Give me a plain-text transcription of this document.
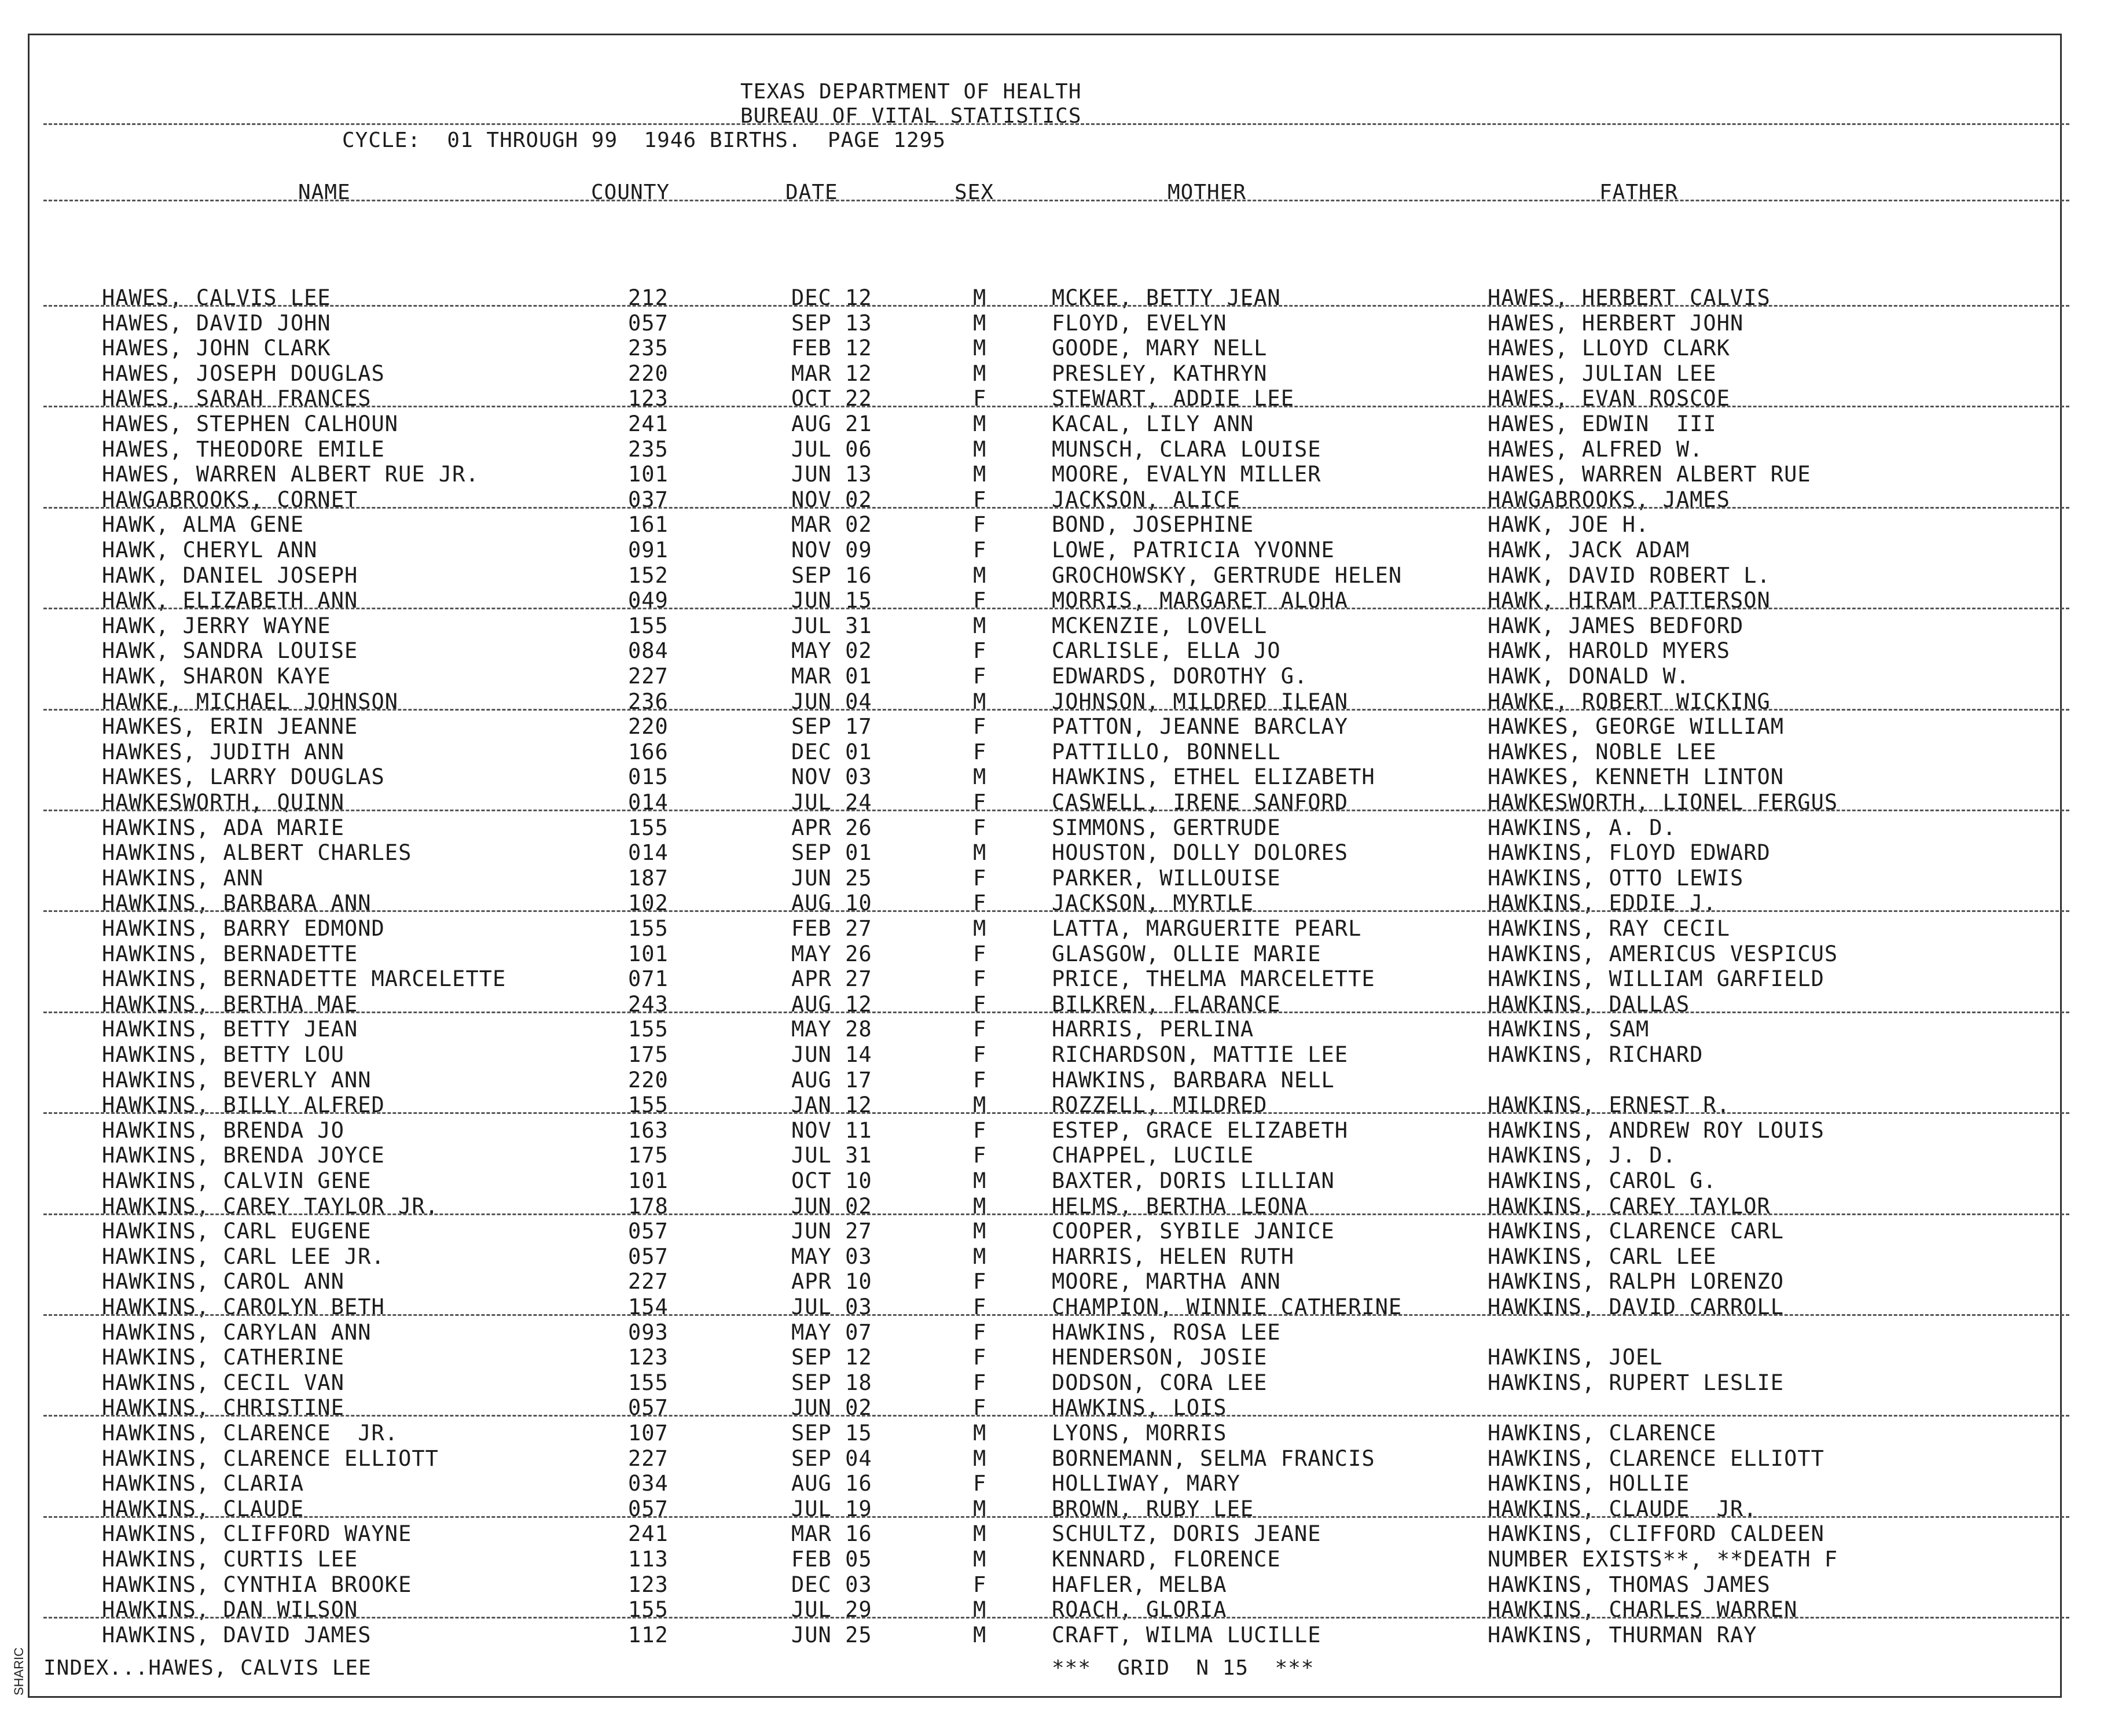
TEXAS DEPARTMENT OF HEALTH
BUREAU OF VITAL STATISTICS
CYCLE:  01 THROUGH 99  1946 BIRTHS.  PAGE 1295
NAME	COUNTY	DATE	SEX	MOTHER	FATHER
HAWES, CALVIS LEE	212	DEC 12	M	MCKEE, BETTY JEAN	HAWES, HERBERT CALVIS
HAWES, DAVID JOHN	057	SEP 13	M	FLOYD, EVELYN	HAWES, HERBERT JOHN
HAWES, JOHN CLARK	235	FEB 12	M	GOODE, MARY NELL	HAWES, LLOYD CLARK
HAWES, JOSEPH DOUGLAS	220	MAR 12	M	PRESLEY, KATHRYN	HAWES, JULIAN LEE
HAWES, SARAH FRANCES	123	OCT 22	F	STEWART, ADDIE LEE	HAWES, EVAN ROSCOE
HAWES, STEPHEN CALHOUN	241	AUG 21	M	KACAL, LILY ANN	HAWES, EDWIN  III
HAWES, THEODORE EMILE	235	JUL 06	M	MUNSCH, CLARA LOUISE	HAWES, ALFRED W.
HAWES, WARREN ALBERT RUE JR.	101	JUN 13	M	MOORE, EVALYN MILLER	HAWES, WARREN ALBERT RUE
HAWGABROOKS, CORNET	037	NOV 02	F	JACKSON, ALICE	HAWGABROOKS, JAMES
HAWK, ALMA GENE	161	MAR 02	F	BOND, JOSEPHINE	HAWK, JOE H.
HAWK, CHERYL ANN	091	NOV 09	F	LOWE, PATRICIA YVONNE	HAWK, JACK ADAM
HAWK, DANIEL JOSEPH	152	SEP 16	M	GROCHOWSKY, GERTRUDE HELEN	HAWK, DAVID ROBERT L.
HAWK, ELIZABETH ANN	049	JUN 15	F	MORRIS, MARGARET ALOHA	HAWK, HIRAM PATTERSON
HAWK, JERRY WAYNE	155	JUL 31	M	MCKENZIE, LOVELL	HAWK, JAMES BEDFORD
HAWK, SANDRA LOUISE	084	MAY 02	F	CARLISLE, ELLA JO	HAWK, HAROLD MYERS
HAWK, SHARON KAYE	227	MAR 01	F	EDWARDS, DOROTHY G.	HAWK, DONALD W.
HAWKE, MICHAEL JOHNSON	236	JUN 04	M	JOHNSON, MILDRED ILEAN	HAWKE, ROBERT WICKING
HAWKES, ERIN JEANNE	220	SEP 17	F	PATTON, JEANNE BARCLAY	HAWKES, GEORGE WILLIAM
HAWKES, JUDITH ANN	166	DEC 01	F	PATTILLO, BONNELL	HAWKES, NOBLE LEE
HAWKES, LARRY DOUGLAS	015	NOV 03	M	HAWKINS, ETHEL ELIZABETH	HAWKES, KENNETH LINTON
HAWKESWORTH, QUINN	014	JUL 24	F	CASWELL, IRENE SANFORD	HAWKESWORTH, LIONEL FERGUS
HAWKINS, ADA MARIE	155	APR 26	F	SIMMONS, GERTRUDE	HAWKINS, A. D.
HAWKINS, ALBERT CHARLES	014	SEP 01	M	HOUSTON, DOLLY DOLORES	HAWKINS, FLOYD EDWARD
HAWKINS, ANN	187	JUN 25	F	PARKER, WILLOUISE	HAWKINS, OTTO LEWIS
HAWKINS, BARBARA ANN	102	AUG 10	F	JACKSON, MYRTLE	HAWKINS, EDDIE J.
HAWKINS, BARRY EDMOND	155	FEB 27	M	LATTA, MARGUERITE PEARL	HAWKINS, RAY CECIL
HAWKINS, BERNADETTE	101	MAY 26	F	GLASGOW, OLLIE MARIE	HAWKINS, AMERICUS VESPICUS
HAWKINS, BERNADETTE MARCELETTE	071	APR 27	F	PRICE, THELMA MARCELETTE	HAWKINS, WILLIAM GARFIELD
HAWKINS, BERTHA MAE	243	AUG 12	F	BILKREN, FLARANCE	HAWKINS, DALLAS
HAWKINS, BETTY JEAN	155	MAY 28	F	HARRIS, PERLINA	HAWKINS, SAM
HAWKINS, BETTY LOU	175	JUN 14	F	RICHARDSON, MATTIE LEE	HAWKINS, RICHARD
HAWKINS, BEVERLY ANN	220	AUG 17	F	HAWKINS, BARBARA NELL
HAWKINS, BILLY ALFRED	155	JAN 12	M	ROZZELL, MILDRED	HAWKINS, ERNEST R.
HAWKINS, BRENDA JO	163	NOV 11	F	ESTEP, GRACE ELIZABETH	HAWKINS, ANDREW ROY LOUIS
HAWKINS, BRENDA JOYCE	175	JUL 31	F	CHAPPEL, LUCILE	HAWKINS, J. D.
HAWKINS, CALVIN GENE	101	OCT 10	M	BAXTER, DORIS LILLIAN	HAWKINS, CAROL G.
HAWKINS, CAREY TAYLOR JR.	178	JUN 02	M	HELMS, BERTHA LEONA	HAWKINS, CAREY TAYLOR
HAWKINS, CARL EUGENE	057	JUN 27	M	COOPER, SYBILE JANICE	HAWKINS, CLARENCE CARL
HAWKINS, CARL LEE JR.	057	MAY 03	M	HARRIS, HELEN RUTH	HAWKINS, CARL LEE
HAWKINS, CAROL ANN	227	APR 10	F	MOORE, MARTHA ANN	HAWKINS, RALPH LORENZO
HAWKINS, CAROLYN BETH	154	JUL 03	F	CHAMPION, WINNIE CATHERINE	HAWKINS, DAVID CARROLL
HAWKINS, CARYLAN ANN	093	MAY 07	F	HAWKINS, ROSA LEE
HAWKINS, CATHERINE	123	SEP 12	F	HENDERSON, JOSIE	HAWKINS, JOEL
HAWKINS, CECIL VAN	155	SEP 18	F	DODSON, CORA LEE	HAWKINS, RUPERT LESLIE
HAWKINS, CHRISTINE	057	JUN 02	F	HAWKINS, LOIS
HAWKINS, CLARENCE  JR.	107	SEP 15	M	LYONS, MORRIS	HAWKINS, CLARENCE
HAWKINS, CLARENCE ELLIOTT	227	SEP 04	M	BORNEMANN, SELMA FRANCIS	HAWKINS, CLARENCE ELLIOTT
HAWKINS, CLARIA	034	AUG 16	F	HOLLIWAY, MARY	HAWKINS, HOLLIE
HAWKINS, CLAUDE	057	JUL 19	M	BROWN, RUBY LEE	HAWKINS, CLAUDE  JR.
HAWKINS, CLIFFORD WAYNE	241	MAR 16	M	SCHULTZ, DORIS JEANE	HAWKINS, CLIFFORD CALDEEN
HAWKINS, CURTIS LEE	113	FEB 05	M	KENNARD, FLORENCE	NUMBER EXISTS**, **DEATH F
HAWKINS, CYNTHIA BROOKE	123	DEC 03	F	HAFLER, MELBA	HAWKINS, THOMAS JAMES
HAWKINS, DAN WILSON	155	JUL 29	M	ROACH, GLORIA	HAWKINS, CHARLES WARREN
HAWKINS, DAVID JAMES	112	JUN 25	M	CRAFT, WILMA LUCILLE	HAWKINS, THURMAN RAY
INDEX...HAWES, CALVIS LEE	***  GRID  N 15  ***
SHARIC
